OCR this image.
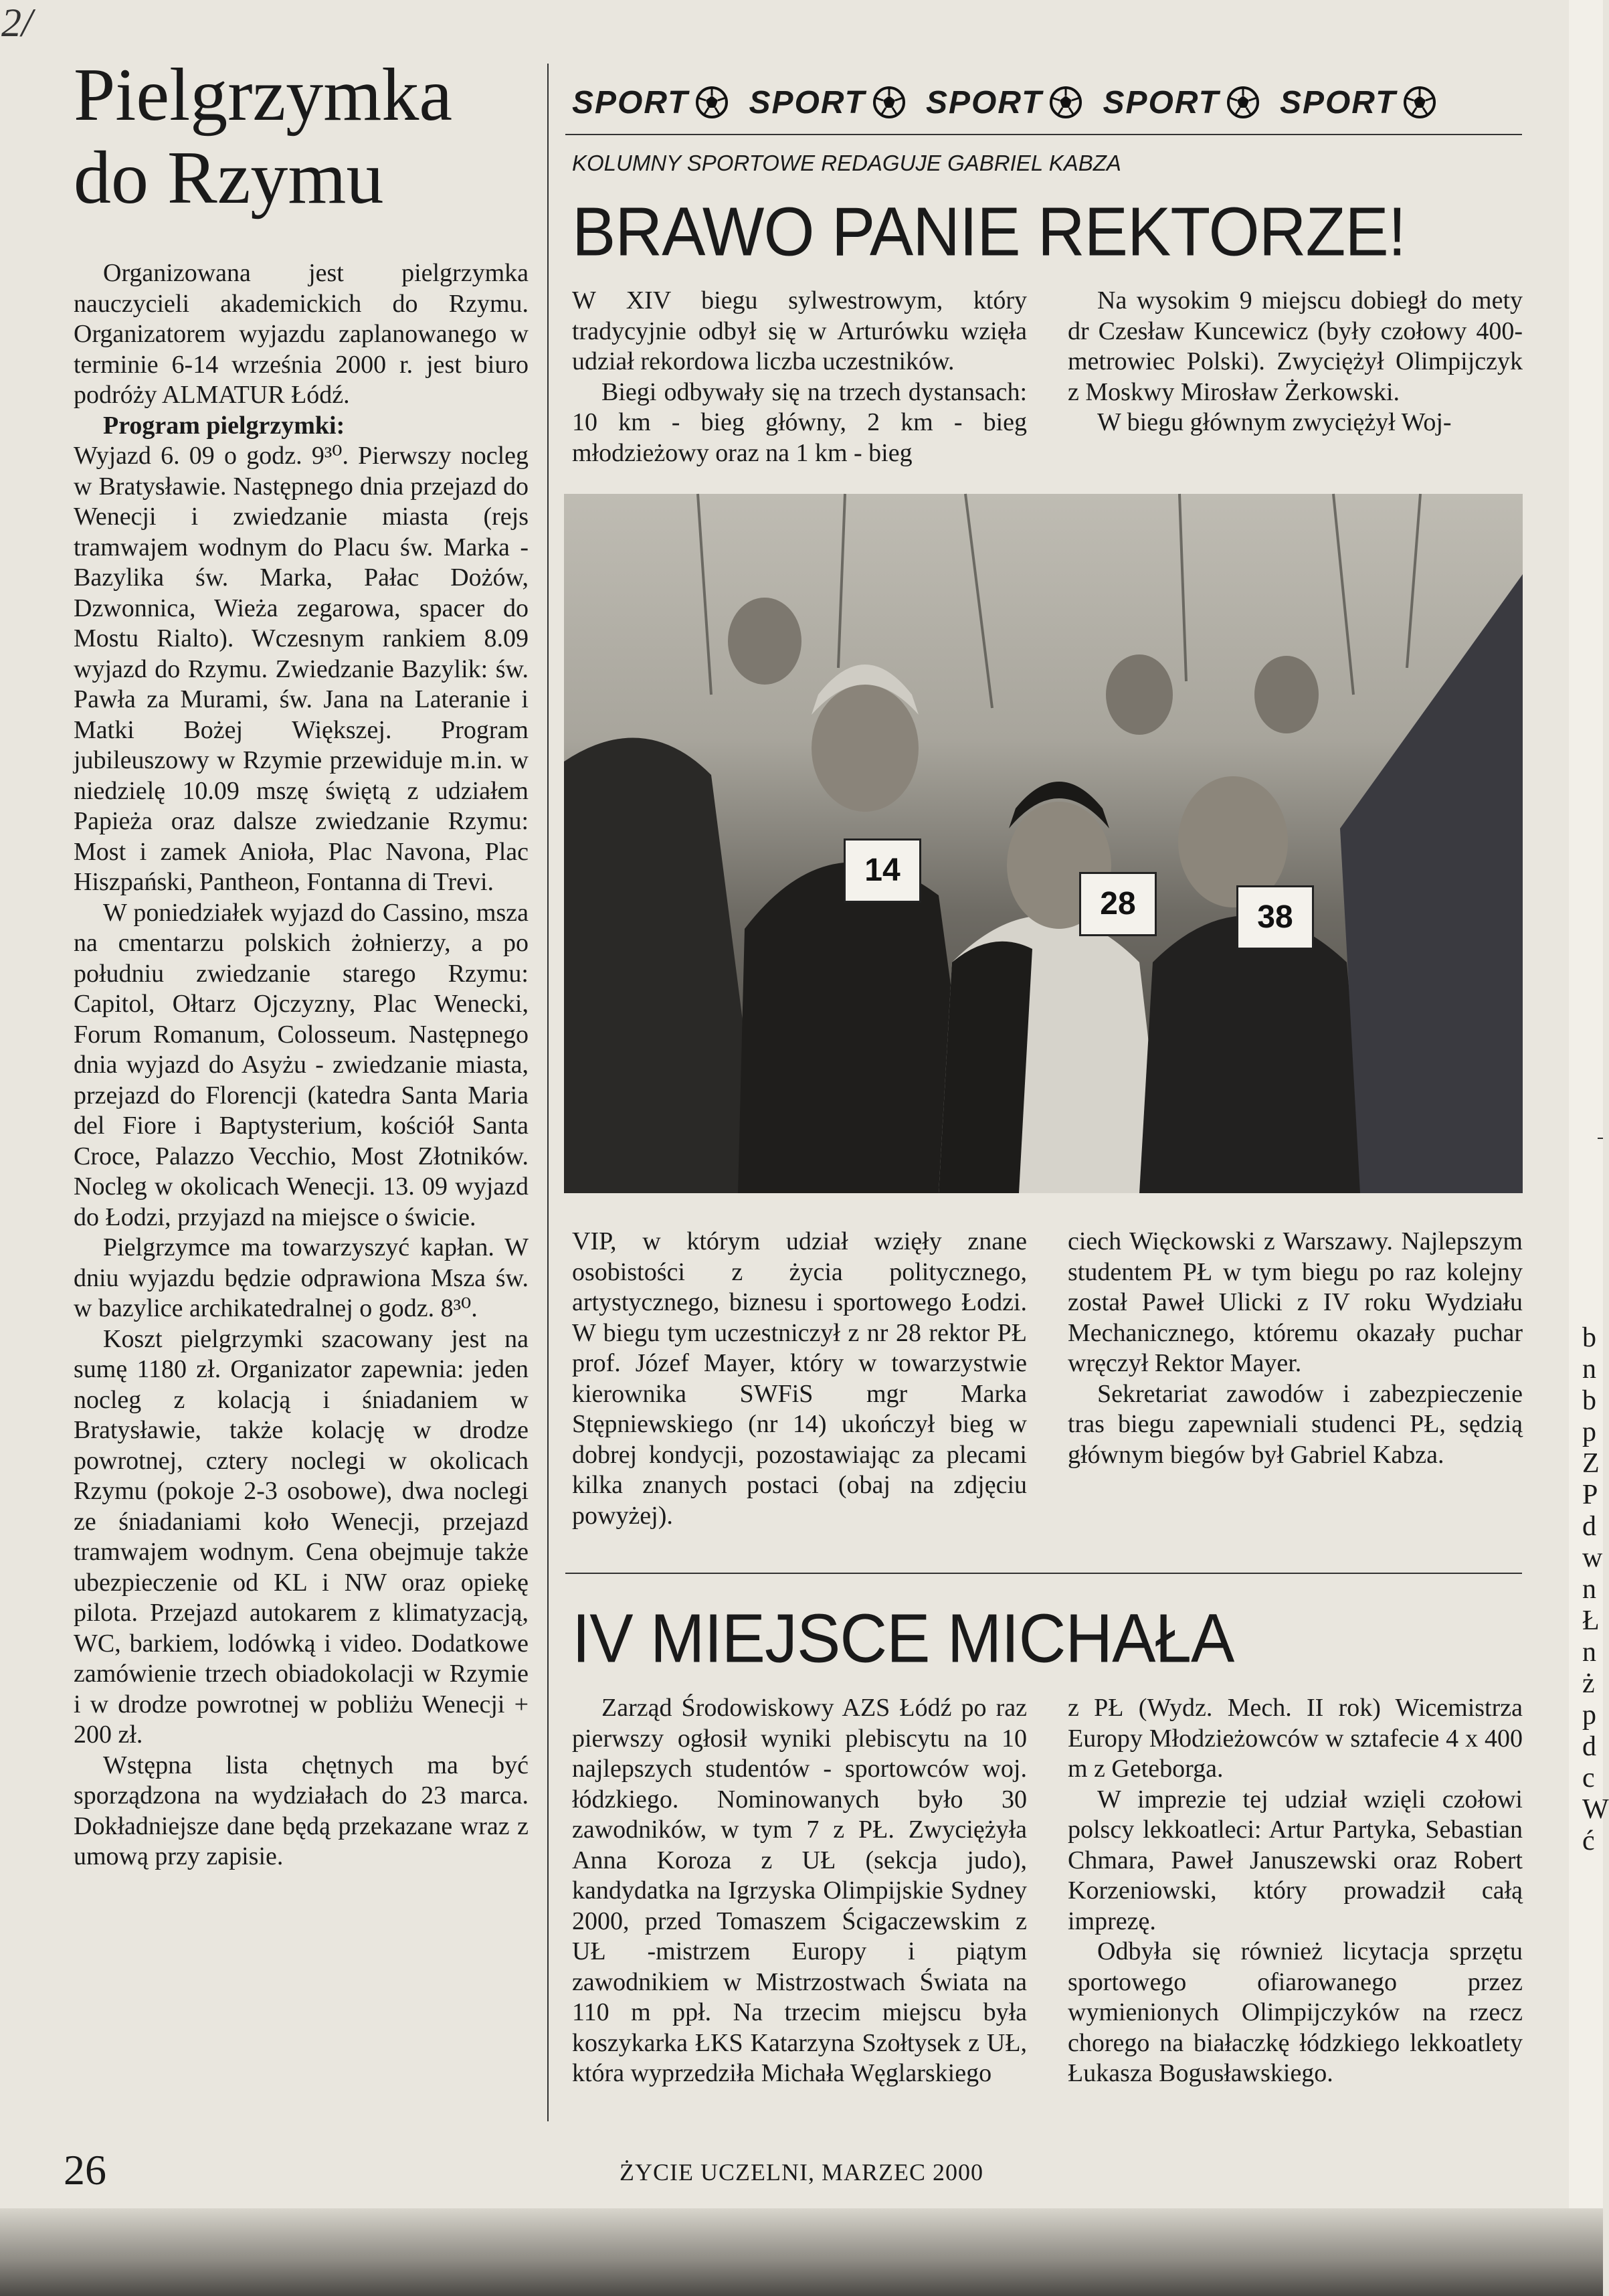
2/
Pielgrzymka
do Rzymu

Organizowana jest pielgrzymka nauczycieli akademickich do Rzymu. Organizatorem wyjazdu zaplanowanego w terminie 6-14 września 2000 r. jest biuro podróży ALMATUR Łódź.

Program pielgrzymki:

Wyjazd 6. 09 o godz. 9³⁰. Pierwszy nocleg w Bratysławie. Następnego dnia przejazd do Wenecji i zwiedzanie miasta (rejs tramwajem wodnym do Placu św. Marka - Bazylika św. Marka, Pałac Dożów, Dzwonnica, Wieża zegarowa, spacer do Mostu Rialto). Wczesnym rankiem 8.09 wyjazd do Rzymu. Zwiedzanie Bazylik: św. Pawła za Murami, św. Jana na Lateranie i Matki Bożej Większej. Program jubileuszowy w Rzymie przewiduje m.in. w niedzielę 10.09 mszę świętą z udziałem Papieża oraz dalsze zwiedzanie Rzymu: Most i zamek Anioła, Plac Navona, Plac Hiszpański, Pantheon, Fontanna di Trevi.

W poniedziałek wyjazd do Cassino, msza na cmentarzu polskich żołnierzy, a po południu zwiedzanie starego Rzymu: Capitol, Ołtarz Ojczyzny, Plac Wenecki, Forum Romanum, Colosseum. Następnego dnia wyjazd do Asyżu - zwiedzanie miasta, przejazd do Florencji (katedra Santa Maria del Fiore i Baptysterium, kościół Santa Croce, Palazzo Vecchio, Most Złotników. Nocleg w okolicach Wenecji. 13. 09 wyjazd do Łodzi, przyjazd na miejsce o świcie.

Pielgrzymce ma towarzyszyć kapłan. W dniu wyjazdu będzie odprawiona Msza św. w bazylice archikatedralnej o godz. 8³⁰.

Koszt pielgrzymki szacowany jest na sumę 1180 zł. Organizator zapewnia: jeden nocleg z kolacją i śniadaniem w Bratysławie, także kolację w drodze powrotnej, cztery noclegi w okolicach Rzymu (pokoje 2-3 osobowe), dwa noclegi ze śniadaniami koło Wenecji, przejazd tramwajem wodnym. Cena obejmuje także ubezpieczenie od KL i NW oraz opiekę pilota. Przejazd autokarem z klimatyzacją, WC, barkiem, lodówką i video. Dodatkowe zamówienie trzech obiadokolacji w Rzymie i w drodze powrotnej w pobliżu Wenecji + 200 zł.

Wstępna lista chętnych ma być sporządzona na wydziałach do 23 marca. Dokładniejsze dane będą przekazane wraz z umową przy zapisie.

SPORT SPORT SPORT SPORT SPORT
KOLUMNY SPORTOWE REDAGUJE GABRIEL KABZA
BRAWO PANIE REKTORZE!

W XIV biegu sylwestrowym, który tradycyjnie odbył się w Arturówku wzięła udział rekordowa liczba uczestników.

Biegi odbywały się na trzech dystansach: 10 km - bieg główny, 2 km - bieg młodzieżowy oraz na 1 km - bieg

Na wysokim 9 miejscu dobiegł do mety dr Czesław Kuncewicz (były czołowy 400-metrowiec Polski). Zwyciężył Olimpijczyk z Moskwy Mirosław Żerkowski.

W biegu głównym zwyciężył Woj-

14
28	38

VIP, w którym udział wzięły znane osobistości z życia politycznego, artystycznego, biznesu i sportowego Łodzi. W biegu tym uczestniczył z nr 28 rektor PŁ prof. Józef Mayer, który w towarzystwie kierownika SWFiS mgr Marka Stępniewskiego (nr 14) ukończył bieg w dobrej kondycji, pozostawiając za plecami kilka znanych postaci (obaj na zdjęciu powyżej).

ciech Więckowski z Warszawy. Najlepszym studentem PŁ w tym biegu po raz kolejny został Paweł Ulicki z IV roku Wydziału Mechanicznego, któremu okazały puchar wręczył Rektor Mayer.

Sekretariat zawodów i zabezpieczenie tras biegu zapewniali studenci PŁ, sędzią głównym biegów był Gabriel Kabza.

IV MIEJSCE MICHAŁA

Zarząd Środowiskowy AZS Łódź po raz pierwszy ogłosił wyniki plebiscytu na 10 najlepszych studentów - sportowców woj. łódzkiego. Nominowanych było 30 zawodników, w tym 7 z PŁ. Zwyciężyła Anna Koroza z UŁ (sekcja judo), kandydatka na Igrzyska Olimpijskie Sydney 2000, przed Tomaszem Ścigaczewskim z UŁ -mistrzem Europy i piątym zawodnikiem w Mistrzostwach Świata na 110 m ppł. Na trzecim miejscu była koszykarka ŁKS Katarzyna Szołtysek z UŁ, która wyprzedziła Michała Węglarskiego

z PŁ (Wydz. Mech. II rok) Wicemistrza Europy Młodzieżowców w sztafecie 4 x 400 m z Geteborga.

W imprezie tej udział wzięli czołowi polscy lekkoatleci: Artur Partyka, Sebastian Chmara, Paweł Januszewski oraz Robert Korzeniowski, który prowadził całą imprezę.

Odbyła się również licytacja sprzętu sportowego ofiarowanego przez wymienionych Olimpijczyków na rzecz chorego na białaczkę łódzkiego lekkoatlety Łukasza Bogusławskiego.

b
n
b
p
Z
P
d
w
n
Ł
n
ż
p
d
c
W
ć
26	ŻYCIE UCZELNI, MARZEC 2000
